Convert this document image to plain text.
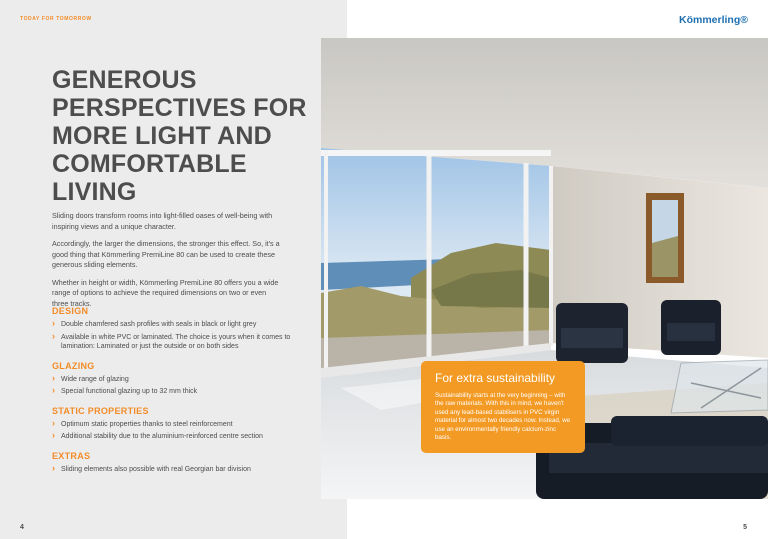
TODAY FOR TOMORROW
GENEROUS PERSPECTIVES FOR MORE LIGHT AND COMFORTABLE LIVING

Sliding doors transform rooms into light-filled oases of well-being with inspiring views and a unique character.

Accordingly, the larger the dimensions, the stronger this effect. So, it's a good thing that Kömmerling PremiLine 80 can be used to create these generous sliding elements.

Whether in height or width, Kömmerling PremiLine 80 offers you a wide range of options to achieve the required dimensions on two or even three tracks.

DESIGN
› Double chamfered sash profiles with seals in black or light grey
› Available in white PVC or laminated. The choice is yours when it comes to lamination: Laminated or just the outside or on both sides
GLAZING
› Wide range of glazing
› Special functional glazing up to 32 mm thick
STATIC PROPERTIES
› Optimum static properties thanks to steel reinforcement
› Additional stability due to the aluminium-reinforced centre section
EXTRAS
› Sliding elements also possible with real Georgian bar division
4
Kömmerling®
5
For extra sustainability
Sustainability starts at the very beginning – with the raw materials. With this in mind, we haven't used any lead-based stabilisers in PVC virgin material for almost two decades now. Instead, we use an environmentally friendly calcium-zinc basis.
